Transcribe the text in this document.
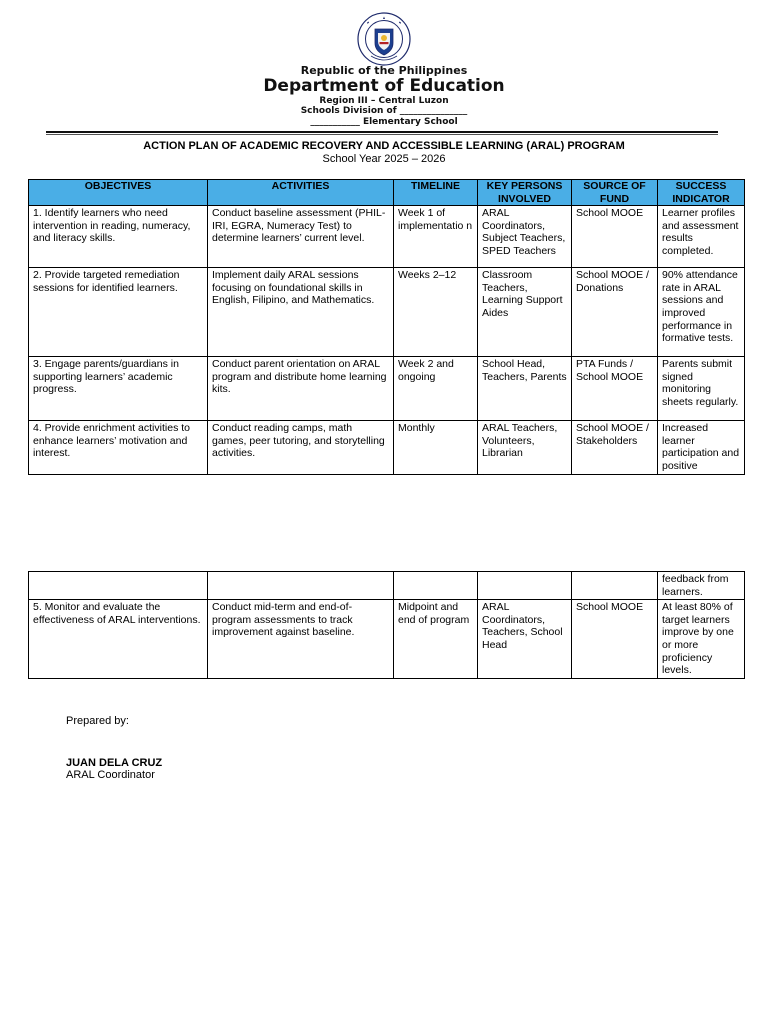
Republic of the Philippines
Department of Education
Region III – Central Luzon
Schools Division of _______________
___________ Elementary School
ACTION PLAN OF ACADEMIC RECOVERY AND ACCESSIBLE LEARNING (ARAL) PROGRAM
School Year 2025 – 2026
OBJECTIVES	ACTIVITIES	TIMELINE	KEY PERSONS INVOLVED	SOURCE OF FUND	SUCCESS INDICATOR
1. Identify learners who need intervention in reading, numeracy, and literacy skills.	Conduct baseline assessment (PHIL-IRI, EGRA, Numeracy Test) to determine learners’ current level.	Week 1 of implementatio n	ARAL Coordinators, Subject Teachers, SPED Teachers	School MOOE	Learner profiles and assessment results completed.
2. Provide targeted remediation sessions for identified learners.	Implement daily ARAL sessions focusing on foundational skills in English, Filipino, and Mathematics.	Weeks 2–12	Classroom Teachers, Learning Support Aides	School MOOE / Donations	90% attendance rate in ARAL sessions and improved performance in formative tests.
3. Engage parents/guardians in supporting learners’ academic progress.	Conduct parent orientation on ARAL program and distribute home learning kits.	Week 2 and ongoing	School Head, Teachers, Parents	PTA Funds / School MOOE	Parents submit signed monitoring sheets regularly.
4. Provide enrichment activities to enhance learners’ motivation and interest.	Conduct reading camps, math games, peer tutoring, and storytelling activities.	Monthly	ARAL Teachers, Volunteers, Librarian	School MOOE / Stakeholders	Increased learner participation and positive
					feedback from learners.
5. Monitor and evaluate the effectiveness of ARAL interventions.	Conduct mid-term and end-of-program assessments to track improvement against baseline.	Midpoint and end of program	ARAL Coordinators, Teachers, School Head	School MOOE	At least 80% of target learners improve by one or more proficiency levels.
Prepared by:
JUAN DELA CRUZ
ARAL Coordinator
